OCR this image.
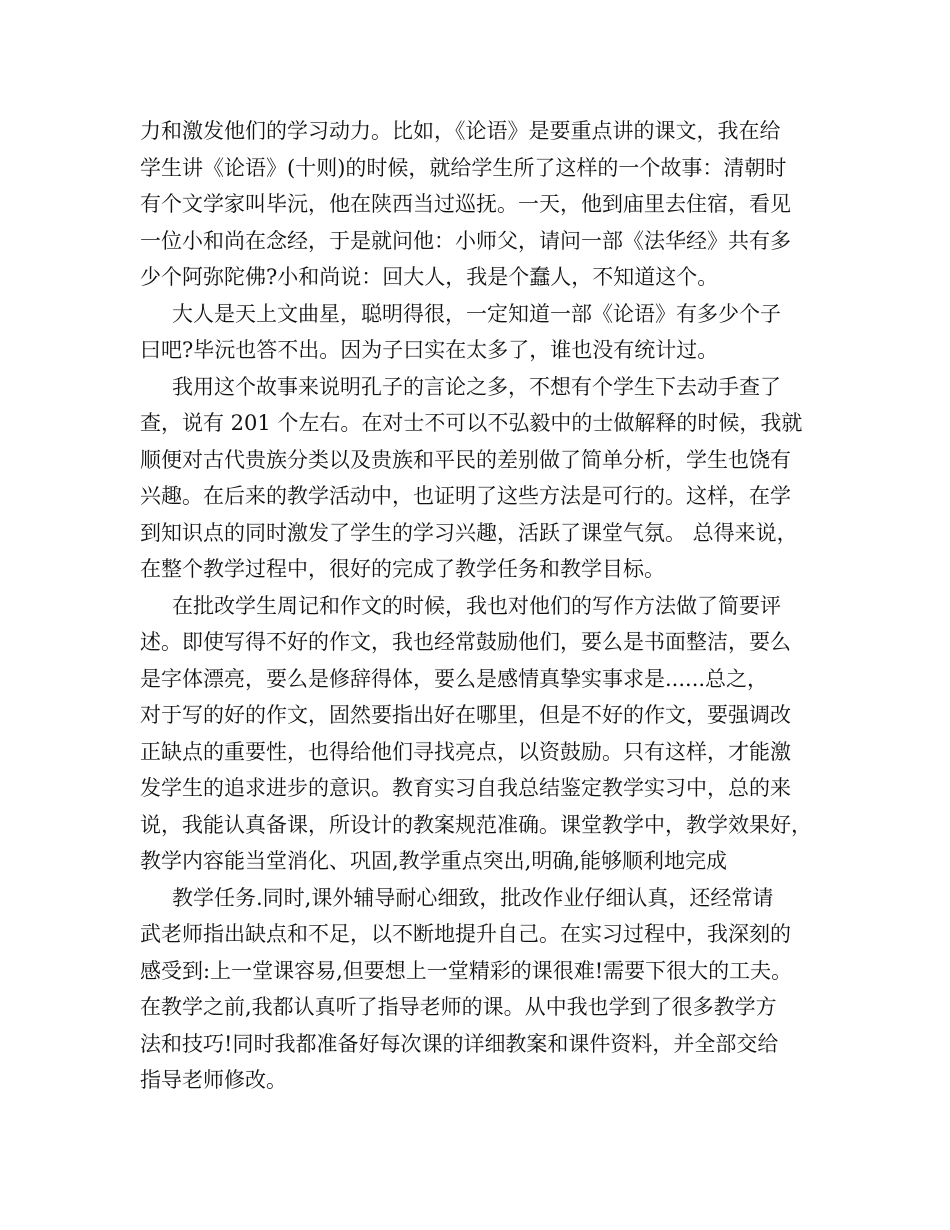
力和激发他们的学习动力。比如，《论语》是要重点讲的课文，我在给
学生讲《论语》(十则)的时候，就给学生所了这样的一个故事：清朝时
有个文学家叫毕沅，他在陕西当过巡抚。一天，他到庙里去住宿，看见
一位小和尚在念经，于是就问他：小师父，请问一部《法华经》共有多
少个阿弥陀佛?小和尚说：回大人，我是个蠢人，不知道这个。
大人是天上文曲星，聪明得很，一定知道一部《论语》有多少个子
曰吧?毕沅也答不出。因为子曰实在太多了，谁也没有统计过。
我用这个故事来说明孔子的言论之多，不想有个学生下去动手查了
查，说有 201 个左右。在对士不可以不弘毅中的士做解释的时候，我就
顺便对古代贵族分类以及贵族和平民的差别做了简单分析，学生也饶有
兴趣。在后来的教学活动中，也证明了这些方法是可行的。这样，在学
到知识点的同时激发了学生的学习兴趣，活跃了课堂气氛。 总得来说，
在整个教学过程中，很好的完成了教学任务和教学目标。
在批改学生周记和作文的时候，我也对他们的写作方法做了简要评
述。即使写得不好的作文，我也经常鼓励他们，要么是书面整洁，要么
是字体漂亮，要么是修辞得体，要么是感情真挚实事求是......总之，
对于写的好的作文，固然要指出好在哪里，但是不好的作文，要强调改
正缺点的重要性，也得给他们寻找亮点，以资鼓励。只有这样，才能激
发学生的追求进步的意识。教育实习自我总结鉴定教学实习中，总的来
说，我能认真备课，所设计的教案规范准确。课堂教学中，教学效果好，
教学内容能当堂消化、巩固,教学重点突出,明确,能够顺利地完成
教学任务.同时,课外辅导耐心细致，批改作业仔细认真，还经常请
武老师指出缺点和不足，以不断地提升自己。在实习过程中，我深刻的
感受到:上一堂课容易,但要想上一堂精彩的课很难!需要下很大的工夫。
在教学之前,我都认真听了指导老师的课。从中我也学到了很多教学方
法和技巧!同时我都准备好每次课的详细教案和课件资料，并全部交给
指导老师修改。
